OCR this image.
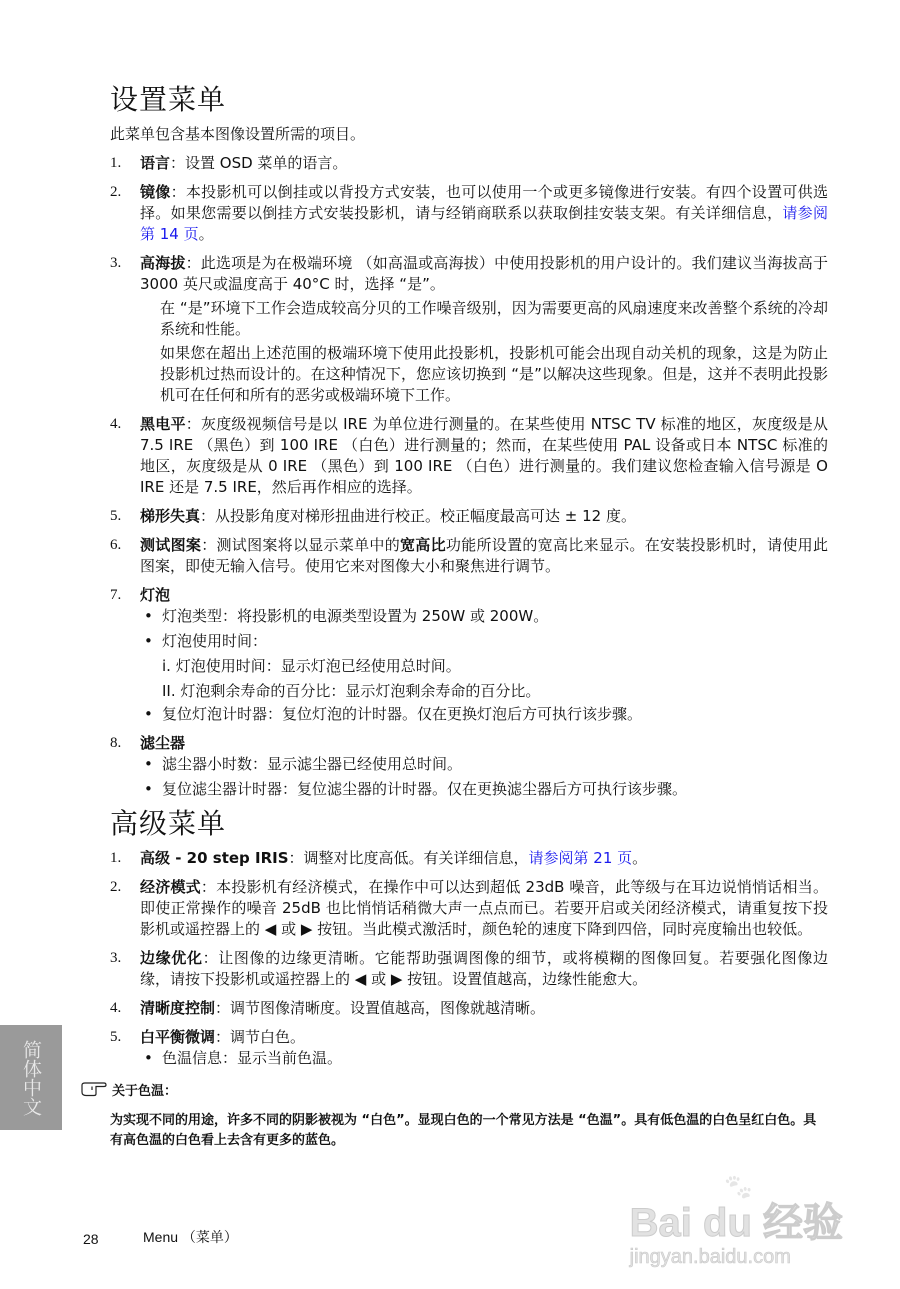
简体中文
设置菜单
此菜单包含基本图像设置所需的项目。
1.	语言：设置 OSD 菜单的语言。
2.	镜像：本投影机可以倒挂或以背投方式安装，也可以使用一个或更多镜像进行安装。有四个设置可供选择。如果您需要以倒挂方式安装投影机，请与经销商联系以获取倒挂安装支架。有关详细信息，请参阅第 14 页。
3.	高海拔：此选项是为在极端环境 （如高温或高海拔）中使用投影机的用户设计的。我们建议当海拔高于 3000 英尺或温度高于 40°C 时，选择 “是”。
在 “是”环境下工作会造成较高分贝的工作噪音级别，因为需要更高的风扇速度来改善整个系统的冷却系统和性能。
如果您在超出上述范围的极端环境下使用此投影机，投影机可能会出现自动关机的现象，这是为防止投影机过热而设计的。在这种情况下，您应该切换到 “是”以解决这些现象。但是，这并不表明此投影机可在任何和所有的恶劣或极端环境下工作。
4.	黑电平：灰度级视频信号是以 IRE 为单位进行测量的。在某些使用 NTSC TV 标准的地区，灰度级是从 7.5 IRE （黑色）到 100 IRE （白色）进行测量的；然而，在某些使用 PAL 设备或日本 NTSC 标准的地区，灰度级是从 0 IRE （黑色）到 100 IRE （白色）进行测量的。我们建议您检查输入信号源是 O IRE 还是 7.5 IRE，然后再作相应的选择。
5.	梯形失真：从投影角度对梯形扭曲进行校正。校正幅度最高可达 ± 12 度。
6.	测试图案：测试图案将以显示菜单中的宽高比功能所设置的宽高比来显示。在安装投影机时，请使用此图案，即使无输入信号。使用它来对图像大小和聚焦进行调节。
7.	灯泡
• 灯泡类型：将投影机的电源类型设置为 250W 或 200W。
• 灯泡使用时间：
i. 灯泡使用时间：显示灯泡已经使用总时间。
II. 灯泡剩余寿命的百分比：显示灯泡剩余寿命的百分比。
• 复位灯泡计时器：复位灯泡的计时器。仅在更换灯泡后方可执行该步骤。
8.	滤尘器
• 滤尘器小时数：显示滤尘器已经使用总时间。
• 复位滤尘器计时器：复位滤尘器的计时器。仅在更换滤尘器后方可执行该步骤。
高级菜单
1.	高级 - 20 step IRIS：调整对比度高低。有关详细信息，请参阅第 21 页。
2.	经济模式：本投影机有经济模式，在操作中可以达到超低 23dB 噪音，此等级与在耳边说悄悄话相当。即使正常操作的噪音 25dB 也比悄悄话稍微大声一点点而已。若要开启或关闭经济模式，请重复按下投影机或遥控器上的 ◀ 或 ▶ 按钮。当此模式激活时，颜色轮的速度下降到四倍，同时亮度输出也较低。
3.	边缘优化：让图像的边缘更清晰。它能帮助强调图像的细节，或将模糊的图像回复。若要强化图像边缘，请按下投影机或遥控器上的 ◀ 或 ▶ 按钮。设置值越高，边缘性能愈大。
4.	清晰度控制：调节图像清晰度。设置值越高，图像就越清晰。
5.	白平衡微调：调节白色。
• 色温信息：显示当前色温。
关于色温：
为实现不同的用途，许多不同的阴影被视为 “白色”。显现白色的一个常见方法是 “色温”。具有低色温的白色呈红白色。具有高色温的白色看上去含有更多的蓝色。
28	Menu （菜单）
🐾︎
Bai du 经验
jingyan.baidu.com
